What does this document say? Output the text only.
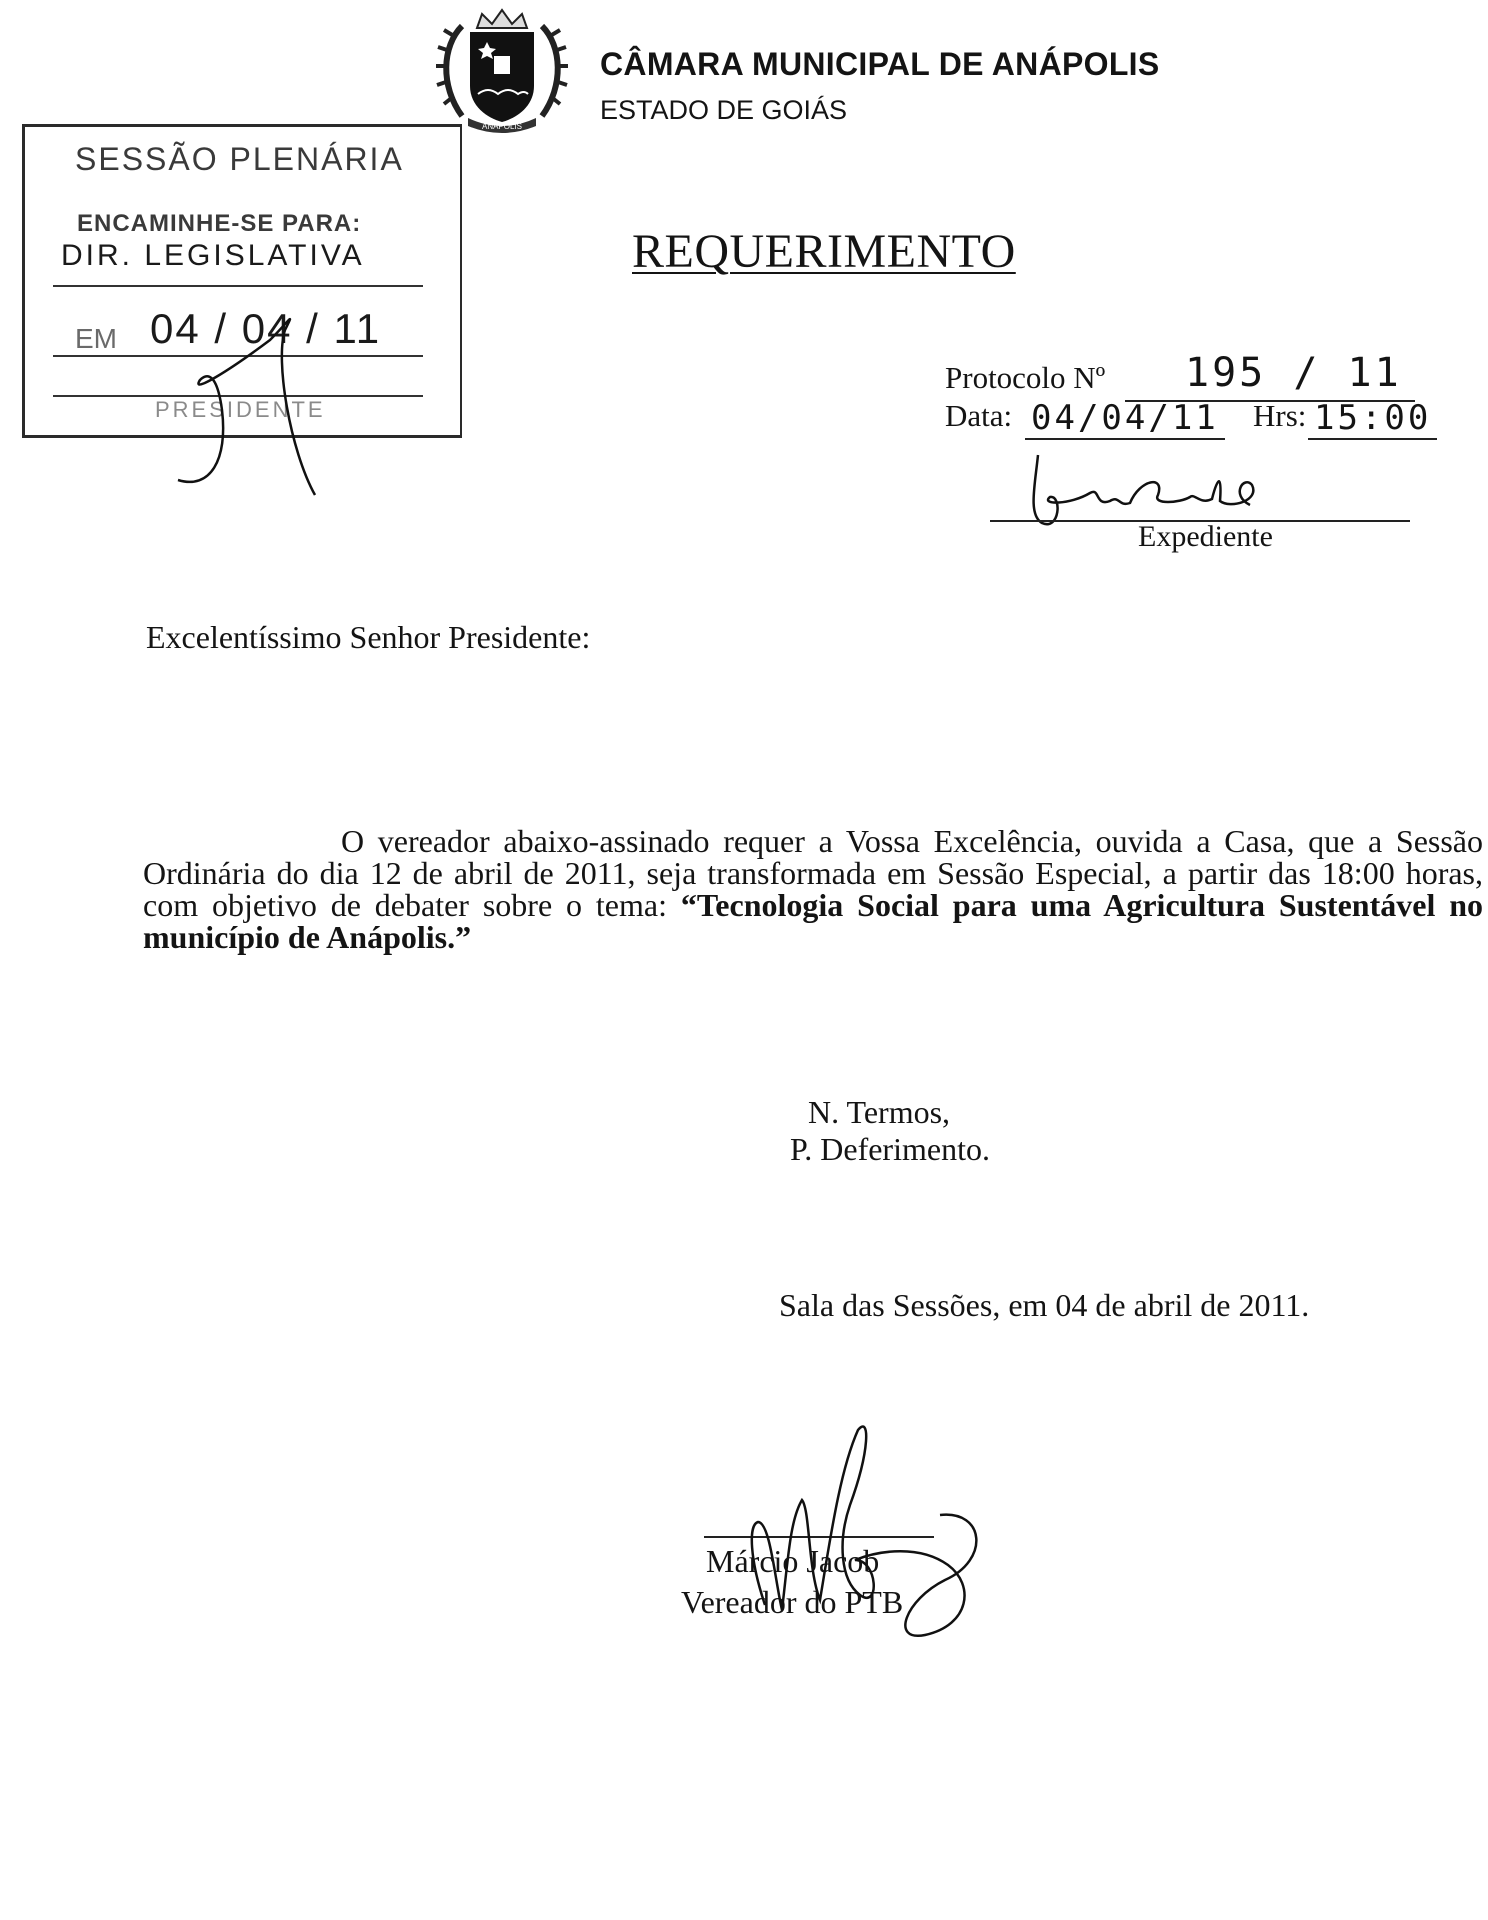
ANÁPOLIS
CÂMARA MUNICIPAL DE ANÁPOLIS
ESTADO DE GOIÁS
SESSÃO PLENÁRIA
ENCAMINHE-SE PARA:
DIR. LEGISLATIVA
EM 04 / 04 / 11
PRESIDENTE
REQUERIMENTO
Protocolo Nº 195 / 11
Data: 04/04/11 Hrs: 15:00
Expediente
Excelentíssimo Senhor Presidente:
O vereador abaixo-assinado requer a Vossa Excelência, ouvida a Casa, que a Sessão Ordinária do dia 12 de abril de 2011, seja transformada em Sessão Especial, a partir das 18:00 horas, com objetivo de debater sobre o tema: “Tecnologia Social para uma Agricultura Sustentável no município de Anápolis.”
N. Termos,
P. Deferimento.
Sala das Sessões, em 04 de abril de 2011.
Márcio Jacob
Vereador do PTB
